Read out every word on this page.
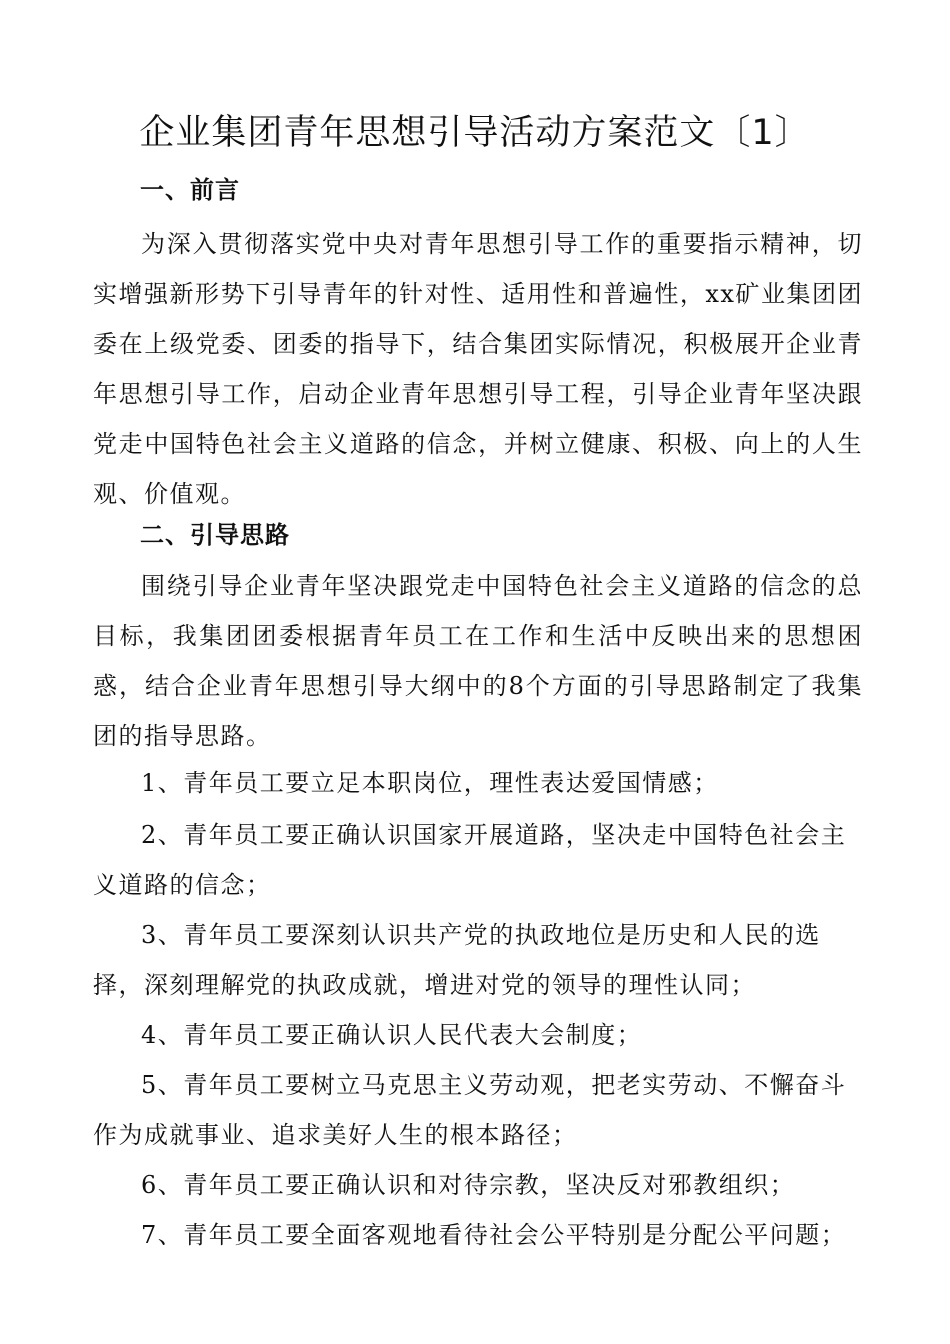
企业集团青年思想引导活动方案范文〔1〕
一、前言

为深入贯彻落实党中央对青年思想引导工作的重要指示精神，切实增强新形势下引导青年的针对性、适用性和普遍性，xx矿业集团团委在上级党委、团委的指导下，结合集团实际情况，积极展开企业青年思想引导工作，启动企业青年思想引导工程，引导企业青年坚决跟党走中国特色社会主义道路的信念，并树立健康、积极、向上的人生观、价值观。

二、引导思路

围绕引导企业青年坚决跟党走中国特色社会主义道路的信念的总目标，我集团团委根据青年员工在工作和生活中反映出来的思想困惑，结合企业青年思想引导大纲中的8个方面的引导思路制定了我集团的指导思路。

1、青年员工要立足本职岗位，理性表达爱国情感；

2、青年员工要正确认识国家开展道路，坚决走中国特色社会主义道路的信念；

3、青年员工要深刻认识共产党的执政地位是历史和人民的选择，深刻理解党的执政成就，增进对党的领导的理性认同；

4、青年员工要正确认识人民代表大会制度；

5、青年员工要树立马克思主义劳动观，把老实劳动、不懈奋斗作为成就事业、追求美好人生的根本路径；

6、青年员工要正确认识和对待宗教，坚决反对邪教组织；

7、青年员工要全面客观地看待社会公平特别是分配公平问题；
